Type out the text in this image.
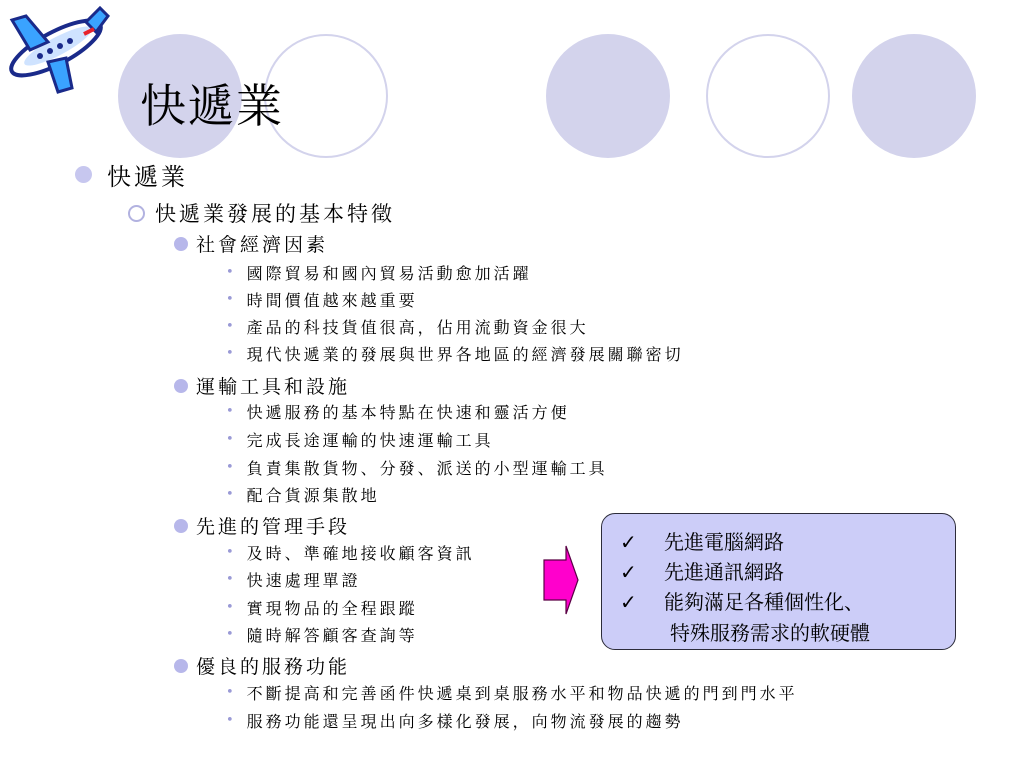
快遞業
快遞業
快遞業發展的基本特徵
社會經濟因素
• 國際貿易和國內貿易活動愈加活躍
• 時間價值越來越重要
• 產品的科技貨值很高，佔用流動資金很大
• 現代快遞業的發展與世界各地區的經濟發展關聯密切
運輸工具和設施
• 快遞服務的基本特點在快速和靈活方便
• 完成長途運輸的快速運輸工具
• 負責集散貨物、分發、派送的小型運輸工具
• 配合貨源集散地
先進的管理手段
• 及時、準確地接收顧客資訊
• 快速處理單證
• 實現物品的全程跟蹤
• 隨時解答顧客查詢等
優良的服務功能
• 不斷提高和完善函件快遞桌到桌服務水平和物品快遞的門到門水平
• 服務功能還呈現出向多樣化發展，向物流發展的趨勢
✓ 先進電腦網路
✓ 先進通訊網路
✓ 能夠滿足各種個性化、
特殊服務需求的軟硬體
